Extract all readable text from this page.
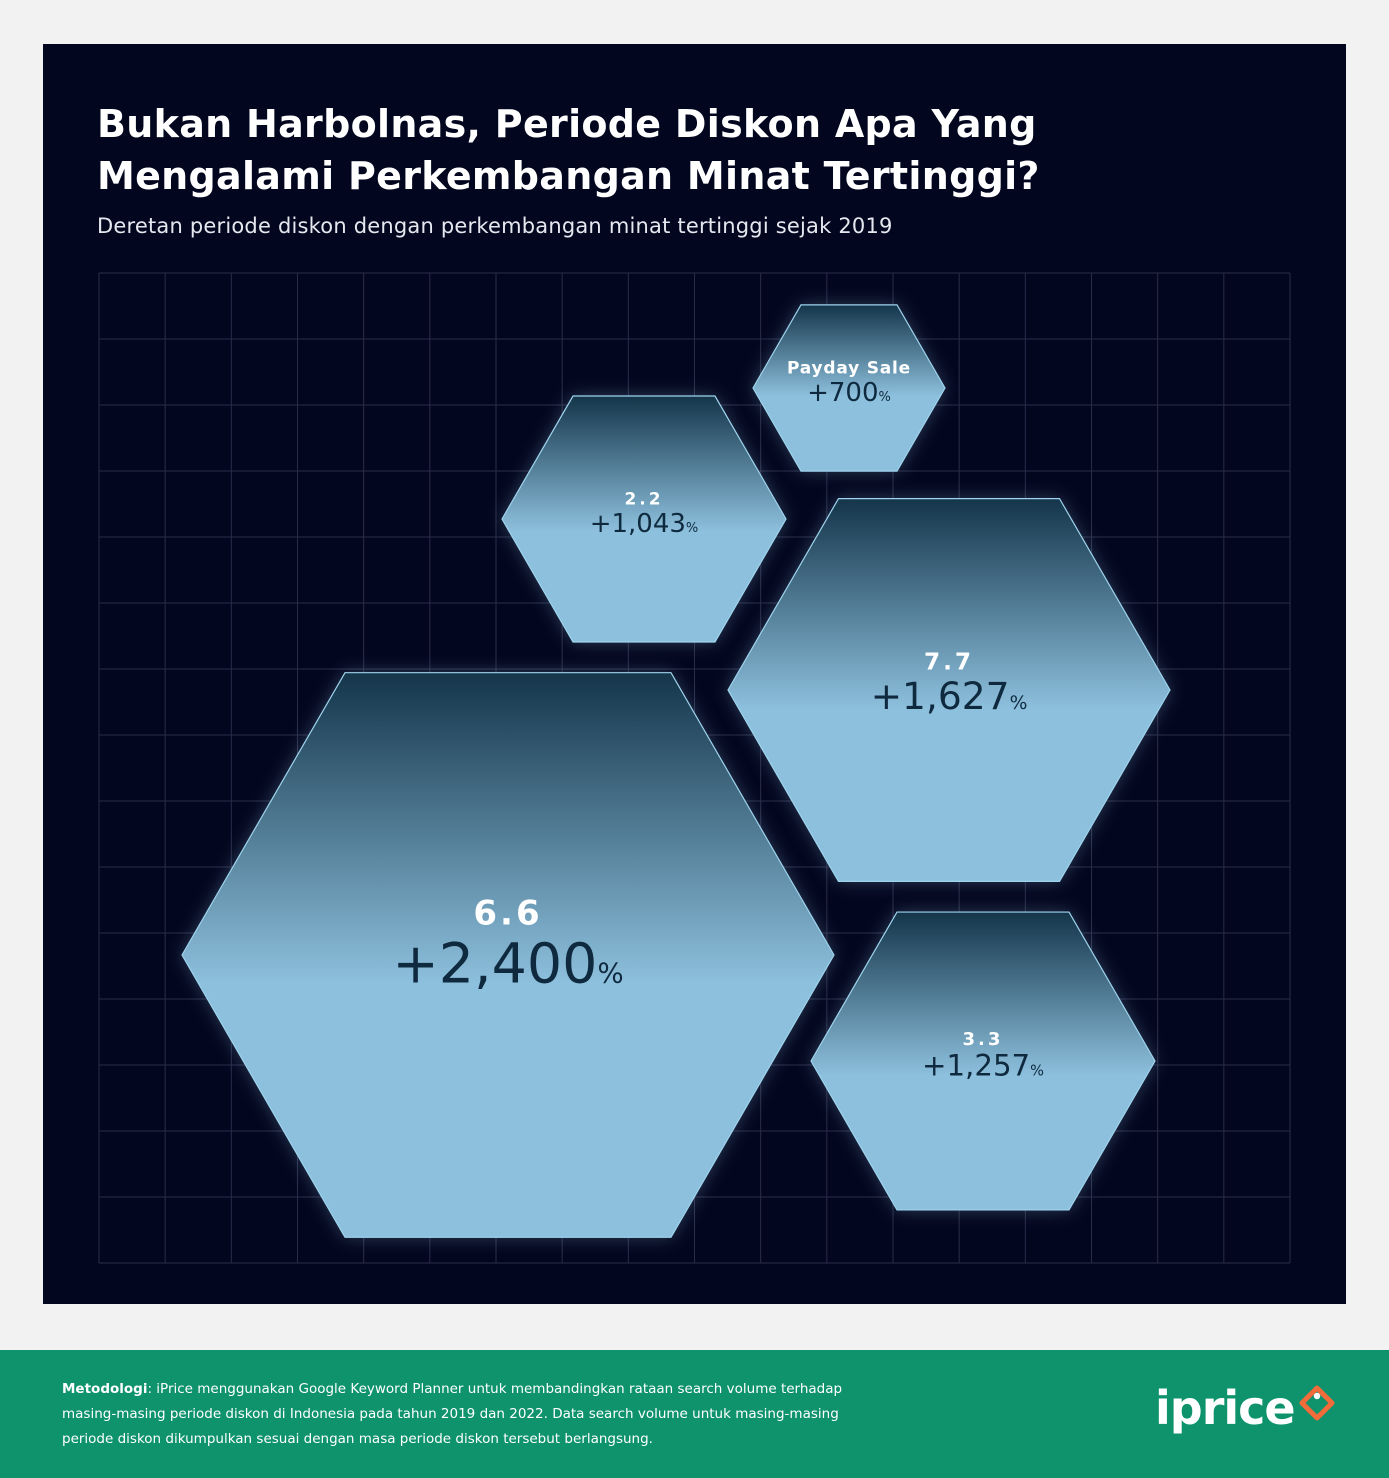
Bukan Harbolnas, Periode Diskon Apa Yang
Mengalami Perkembangan Minat Tertinggi?

Deretan periode diskon dengan perkembangan minat tertinggi sejak 2019

6.6
+2,400%
7.7
+1,627%
3.3
+1,257%
2.2
+1,043%
Payday Sale
+700%

Metodologi: iPrice menggunakan Google Keyword Planner untuk membandingkan rataan search volume terhadap masing-masing periode diskon di Indonesia pada tahun 2019 dan 2022. Data search volume untuk masing-masing periode diskon dikumpulkan sesuai dengan masa periode diskon tersebut berlangsung.

iprice
